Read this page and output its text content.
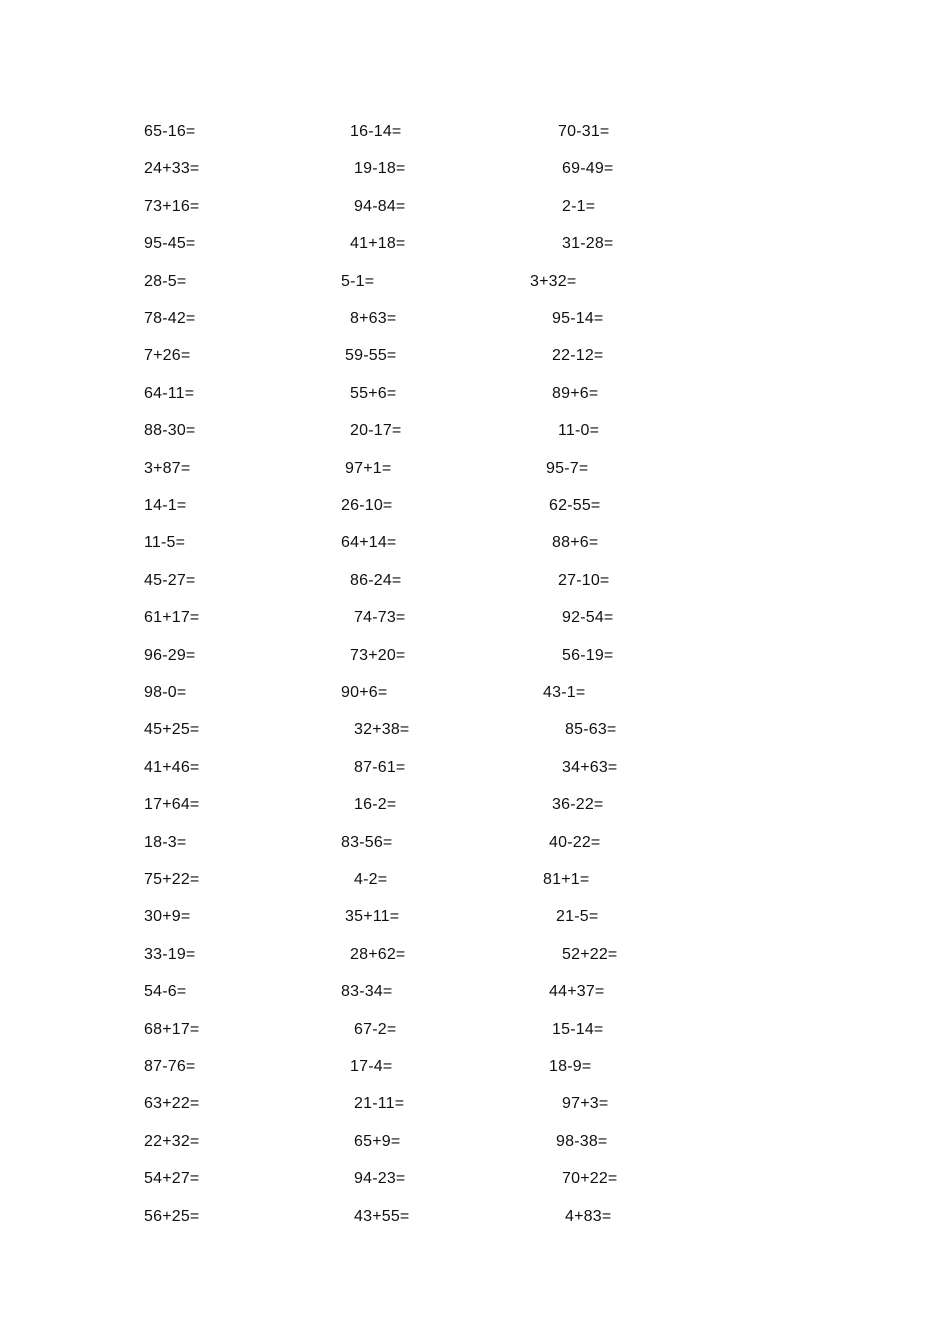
65-16=	16-14=	70-31=
24+33=	19-18=	69-49=
73+16=	94-84=	2-1=
95-45=	41+18=	31-28=
28-5=	5-1=	3+32=
78-42=	8+63=	95-14=
7+26=	59-55=	22-12=
64-11=	55+6=	89+6=
88-30=	20-17=	11-0=
3+87=	97+1=	95-7=
14-1=	26-10=	62-55=
11-5=	64+14=	88+6=
45-27=	86-24=	27-10=
61+17=	74-73=	92-54=
96-29=	73+20=	56-19=
98-0=	90+6=	43-1=
45+25=	32+38=	85-63=
41+46=	87-61=	34+63=
17+64=	16-2=	36-22=
18-3=	83-56=	40-22=
75+22=	4-2=	81+1=
30+9=	35+11=	21-5=
33-19=	28+62=	52+22=
54-6=	83-34=	44+37=
68+17=	67-2=	15-14=
87-76=	17-4=	18-9=
63+22=	21-11=	97+3=
22+32=	65+9=	98-38=
54+27=	94-23=	70+22=
56+25=	43+55=	4+83=
